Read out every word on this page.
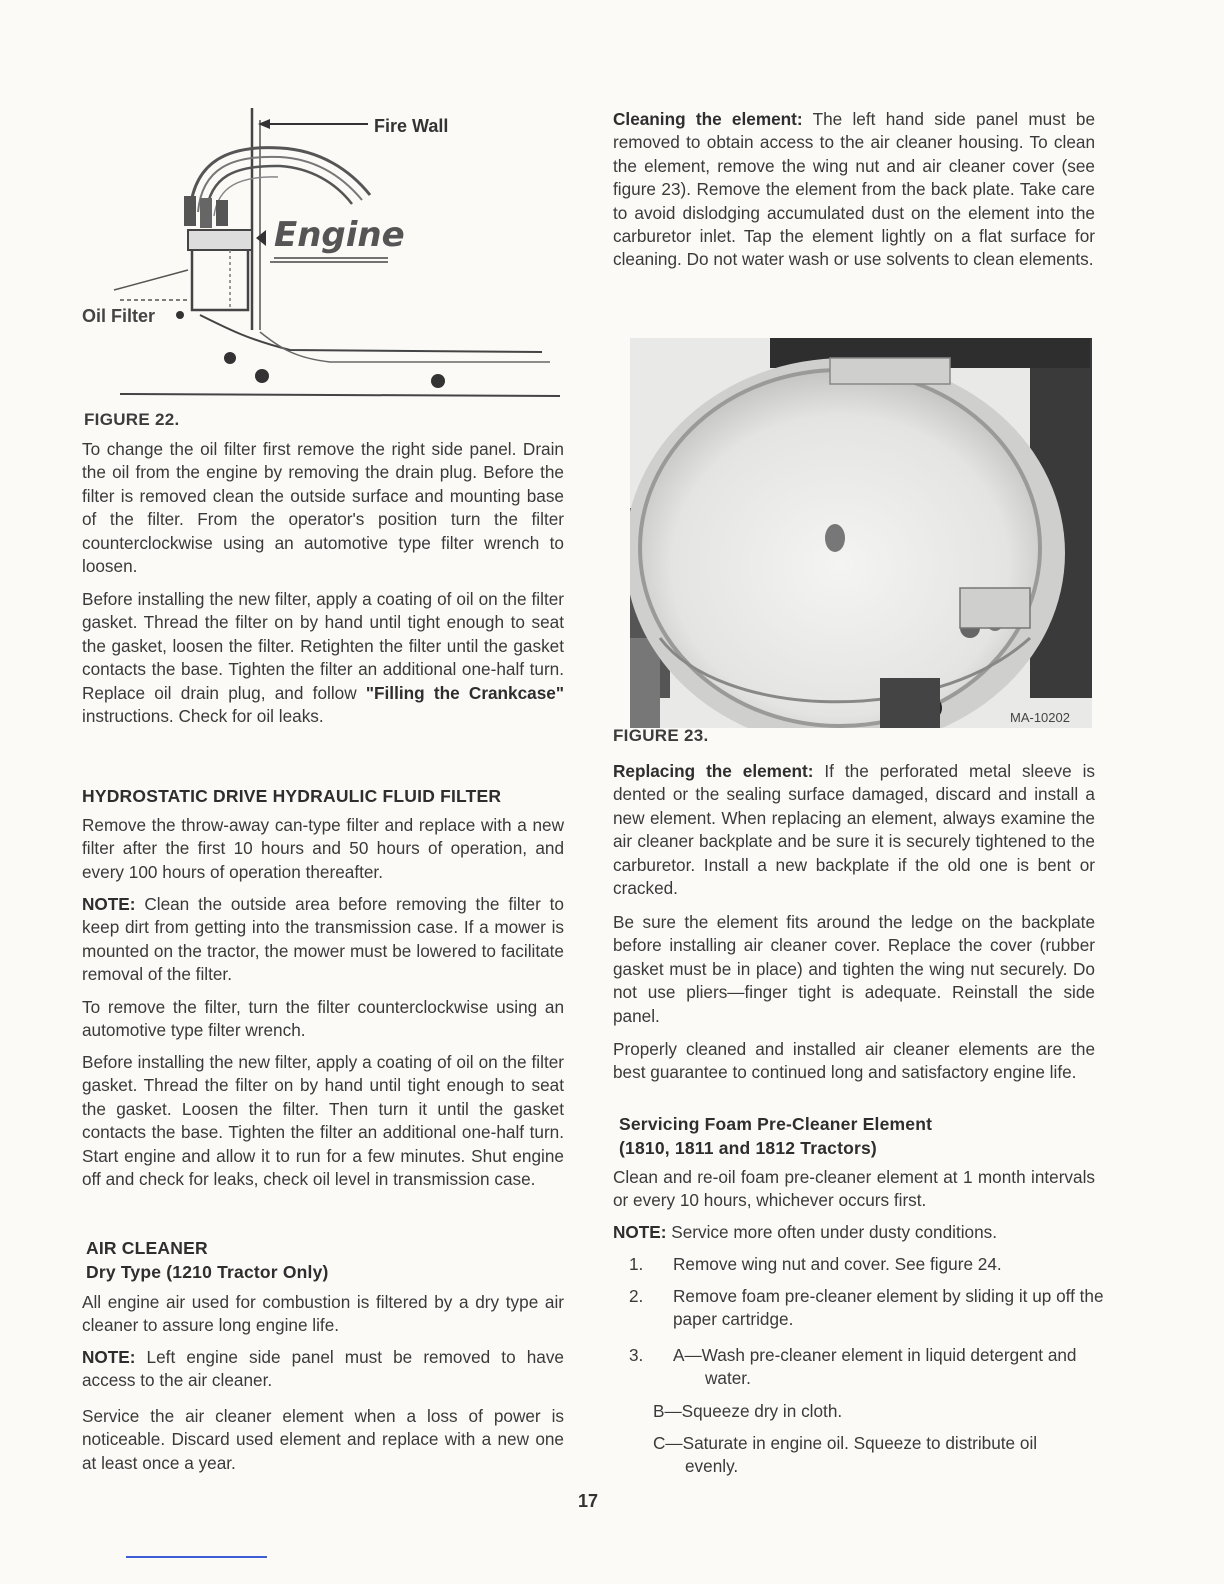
Fire Wall
Engine
Oil Filter
FIGURE 22.

To change the oil filter first remove the right side panel. Drain the oil from the engine by removing the drain plug. Before the filter is removed clean the outside surface and mounting base of the filter. From the operator's position turn the filter counterclockwise using an automotive type filter wrench to loosen.

Before installing the new filter, apply a coating of oil on the filter gasket. Thread the filter on by hand until tight enough to seat the gasket, loosen the filter. Retighten the filter until the gasket contacts the base. Tighten the filter an additional one-half turn. Replace oil drain plug, and follow "Filling the Crankcase" instructions. Check for oil leaks.

HYDROSTATIC DRIVE HYDRAULIC FLUID FILTER

Remove the throw-away can-type filter and replace with a new filter after the first 10 hours and 50 hours of operation, and every 100 hours of operation thereafter.

NOTE: Clean the outside area before removing the filter to keep dirt from getting into the transmission case. If a mower is mounted on the tractor, the mower must be lowered to facilitate removal of the filter.

To remove the filter, turn the filter counterclockwise using an automotive type filter wrench.

Before installing the new filter, apply a coating of oil on the filter gasket. Thread the filter on by hand until tight enough to seat the gasket. Loosen the filter. Then turn it until the gasket contacts the base. Tighten the filter an additional one-half turn. Start engine and allow it to run for a few minutes. Shut engine off and check for leaks, check oil level in transmission case.

AIR CLEANER
Dry Type (1210 Tractor Only)

All engine air used for combustion is filtered by a dry type air cleaner to assure long engine life.

NOTE: Left engine side panel must be removed to have access to the air cleaner.

Service the air cleaner element when a loss of power is noticeable. Discard used element and replace with a new one at least once a year.

Cleaning the element: The left hand side panel must be removed to obtain access to the air cleaner housing. To clean the element, remove the wing nut and air cleaner cover (see figure 23). Remove the element from the back plate. Take care to avoid dislodging accumulated dust on the element into the carburetor inlet. Tap the element lightly on a flat surface for cleaning. Do not water wash or use solvents to clean elements.

MA-10202
FIGURE 23.

Replacing the element: If the perforated metal sleeve is dented or the sealing surface damaged, discard and install a new element. When replacing an element, always examine the air cleaner backplate and be sure it is securely tightened to the carburetor. Install a new backplate if the old one is bent or cracked.

Be sure the element fits around the ledge on the backplate before installing air cleaner cover. Replace the cover (rubber gasket must be in place) and tighten the wing nut securely. Do not use pliers—finger tight is adequate. Reinstall the side panel.

Properly cleaned and installed air cleaner elements are the best guarantee to continued long and satisfactory engine life.

Servicing Foam Pre-Cleaner Element
(1810, 1811 and 1812 Tractors)

Clean and re-oil foam pre-cleaner element at 1 month intervals or every 10 hours, whichever occurs first.

NOTE: Service more often under dusty conditions.

1. Remove wing nut and cover. See figure 24.
2. Remove foam pre-cleaner element by sliding it up off the paper cartridge.
3. A—Wash pre-cleaner element in liquid detergent and water.
B—Squeeze dry in cloth.
C—Saturate in engine oil. Squeeze to distribute oil evenly.
17
